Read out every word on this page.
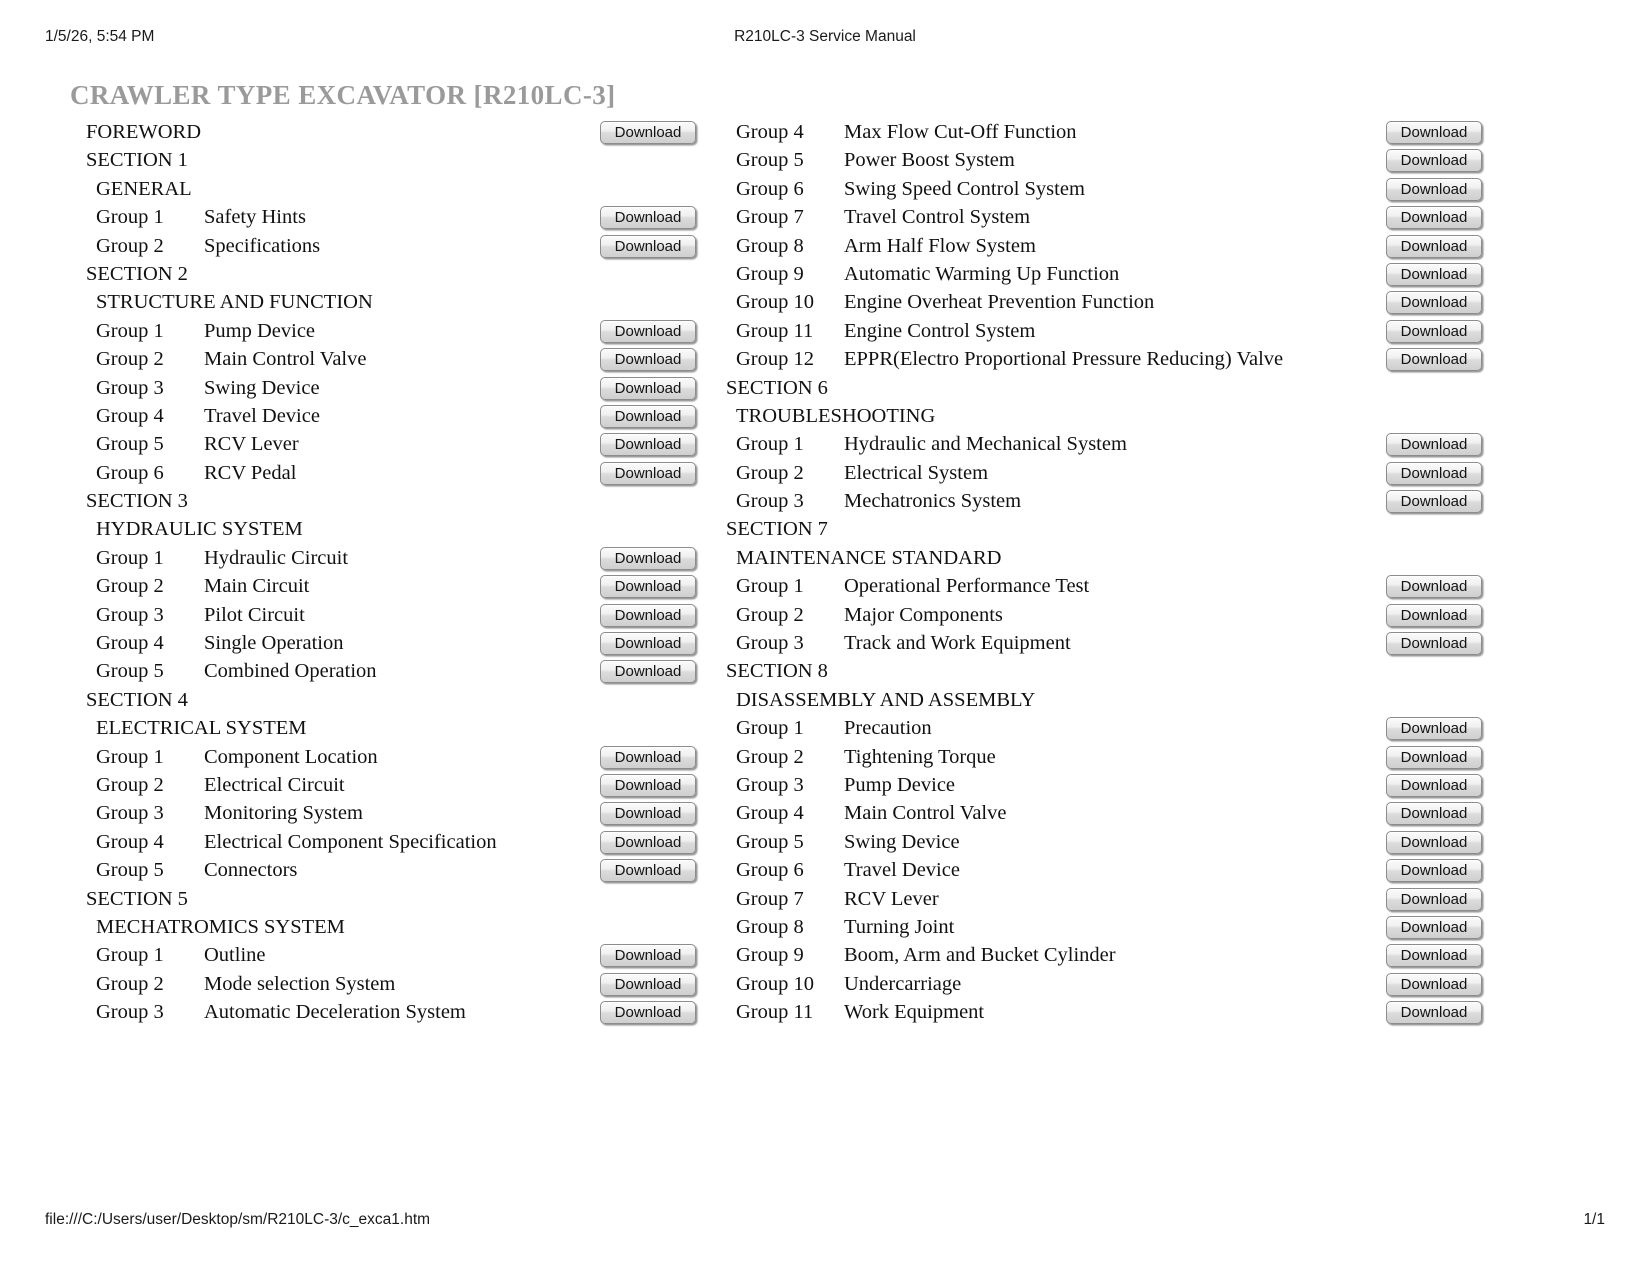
1/5/26, 5:54 PM	R210LC-3 Service Manual
CRAWLER TYPE EXCAVATOR [R210LC-3]
FOREWORD	Download
SECTION 1
GENERAL
Group 1 Safety Hints	Download
Group 2 Specifications	Download
SECTION 2
STRUCTURE AND FUNCTION
Group 1 Pump Device	Download
Group 2 Main Control Valve	Download
Group 3 Swing Device	Download
Group 4 Travel Device	Download
Group 5 RCV Lever	Download
Group 6 RCV Pedal	Download
SECTION 3
HYDRAULIC SYSTEM
Group 1 Hydraulic Circuit	Download
Group 2 Main Circuit	Download
Group 3 Pilot Circuit	Download
Group 4 Single Operation	Download
Group 5 Combined Operation	Download
SECTION 4
ELECTRICAL SYSTEM
Group 1 Component Location	Download
Group 2 Electrical Circuit	Download
Group 3 Monitoring System	Download
Group 4 Electrical Component Specification	Download
Group 5 Connectors	Download
SECTION 5
MECHATROMICS SYSTEM
Group 1 Outline	Download
Group 2 Mode selection System	Download
Group 3 Automatic Deceleration System	Download
Group 4 Max Flow Cut-Off Function	Download
Group 5 Power Boost System	Download
Group 6 Swing Speed Control System	Download
Group 7 Travel Control System	Download
Group 8 Arm Half Flow System	Download
Group 9 Automatic Warming Up Function	Download
Group 10 Engine Overheat Prevention Function	Download
Group 11 Engine Control System	Download
Group 12 EPPR(Electro Proportional Pressure Reducing) Valve	Download
SECTION 6
TROUBLESHOOTING
Group 1 Hydraulic and Mechanical System	Download
Group 2 Electrical System	Download
Group 3 Mechatronics System	Download
SECTION 7
MAINTENANCE STANDARD
Group 1 Operational Performance Test	Download
Group 2 Major Components	Download
Group 3 Track and Work Equipment	Download
SECTION 8
DISASSEMBLY AND ASSEMBLY
Group 1 Precaution	Download
Group 2 Tightening Torque	Download
Group 3 Pump Device	Download
Group 4 Main Control Valve	Download
Group 5 Swing Device	Download
Group 6 Travel Device	Download
Group 7 RCV Lever	Download
Group 8 Turning Joint	Download
Group 9 Boom, Arm and Bucket Cylinder	Download
Group 10 Undercarriage	Download
Group 11 Work Equipment	Download
file:///C:/Users/user/Desktop/sm/R210LC-3/c_exca1.htm	1/1
